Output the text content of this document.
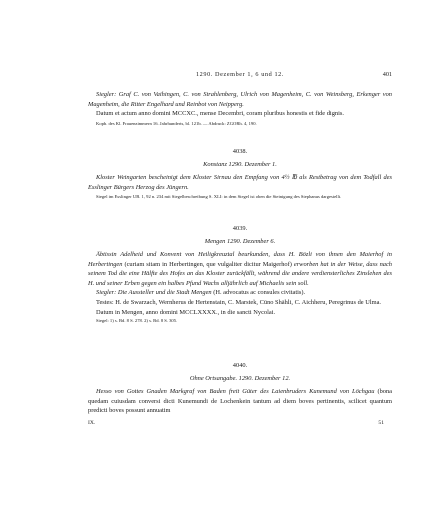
1290. Dezember 1, 6 und 12.	401

Siegler: Graf C. von Vaihingen, C. von Strahlenberg, Ulrich von Magenheim, C. von Weinsberg, Erkenger von Magenheim, die Ritter Engelhard und Reinbot von Neipperg.

Datum et actum anno domini MCCXC., mense Decembri, coram pluribus honestis et fide dignis.

Kopb. des Kl. Frauenzimmern 16. Jahrhunderts, bl. 121b. — Abdruck: ZGORh. 4, 190.

4038.

Konstanz 1290. Dezember 1.

Kloster Weingarten bescheinigt dem Kloster Sirnau den Empfang von 4½ ℔ als Restbetrag von dem Todfall des Esslinger Bürgers Herzog des Jüngern.

Siegel im Esslinger UB. 1, 92 n. 234 mit Siegelbeschreibung S. XLI: in dem Siegel ist oben die Steinigung des Stephanus dargestellt.

4039.

Mengen 1290. Dezember 6.

Äbtissin Adelheid und Konvent von Heiligkreuztal beurkunden, dass H. Bözli von ihnen den Maierhof in Herbertingen (curiam sitam in Herbertingen, que vulgaliter dicitur Maigerhof) erworben hat in der Weise, dass nach seinem Tod die eine Hälfte des Hofes an das Kloster zurückfällt, während die andere verdiensterliches Zinslehen des H. und seiner Erben gegen ein halbes Pfund Wachs alljährlich auf Michaelis sein soll.

Siegler: Die Aussteller und die Stadt Mengen (H. advocatus ac consules civitatis).

Testes: H. de Swarzach, Wernherus de Hertenstain, C. Marstek, Cūno Shāhli, C. Aichheru, Peregrinus de Ulma.

Datum in Mengen, anno domini MCCLXXXX., in die sancti Nycolai.

Siegel: 1) s. Bd. 8 S. 278. 2) s. Bd. 8 S. 305.

4040.

Ohne Ortsangabe. 1290. Dezember 12.

Hesso von Gottes Gnaden Markgraf von Baden freit Güter des Laienbruders Kunemund von Löchgau (bona quedam cuiusdam conversi dicti Kunemundi de Lochenkein tantum ad diem boves pertinentis, scilicet quantum predicti boves possunt annuatim

IX.	51
